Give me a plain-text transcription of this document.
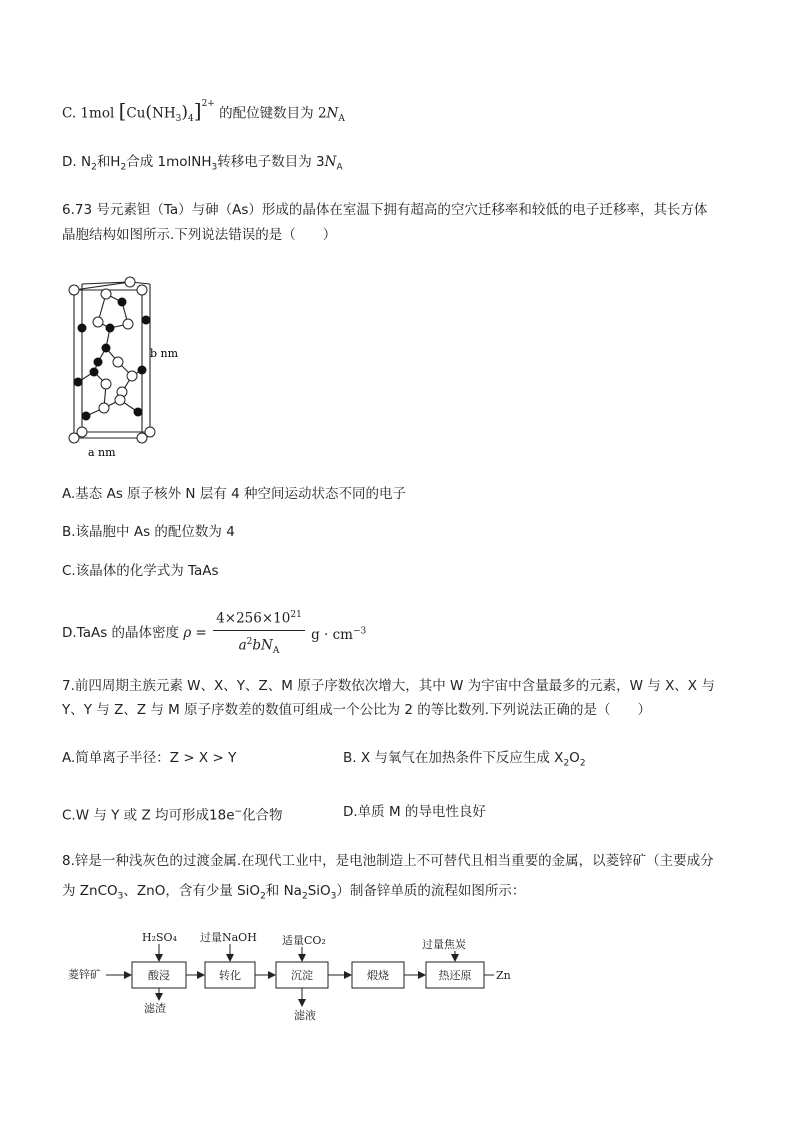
C. 1mol $[Cu(NH_3)_4]^{2+}$ 的配位键数目为 $2N_A$
D. $N_2$和$H_2$合成 1molNH$_3$转移电子数目为 $3N_A$
6.73 号元素钽（Ta）与砷（As）形成的晶体在室温下拥有超高的空穴迁移率和较低的电子迁移率，其长方体
晶胞结构如图所示.下列说法错误的是（　　）
b nm
a nm
A.基态 As 原子核外 N 层有 4 种空间运动状态不同的电子
B.该晶胞中 As 的配位数为 4
C.该晶体的化学式为 TaAs
D.TaAs 的晶体密度 $\rho = \frac{4\times 256\times 10^{21}}{a^2bN_A}$ $g \cdot cm^{-3}$
7.前四周期主族元素 W、X、Y、Z、M 原子序数依次增大，其中 W 为宇宙中含量最多的元素，W 与 X、X 与
Y、Y 与 Z、Z 与 M 原子序数差的数值可组成一个公比为 2 的等比数列.下列说法正确的是（　　）
A.简单离子半径：Z > X > Y	B. X 与氧气在加热条件下反应生成 $X_2O_2$
C.W 与 Y 或 Z 均可形成18e−化合物	D.单质 M 的导电性良好
8.锌是一种浅灰色的过渡金属.在现代工业中，是电池制造上不可替代且相当重要的金属，以菱锌矿（主要成分
为 ZnCO$_3$、ZnO，含有少量 SiO$_2$和 $Na_2SiO_3$）制备锌单质的流程如图所示：
菱锌矿	酸浸	转化	沉淀	煅烧	热还原 Zn
H₂SO₄ 过量NaOH 适量CO₂	过量焦炭
滤渣
滤液
